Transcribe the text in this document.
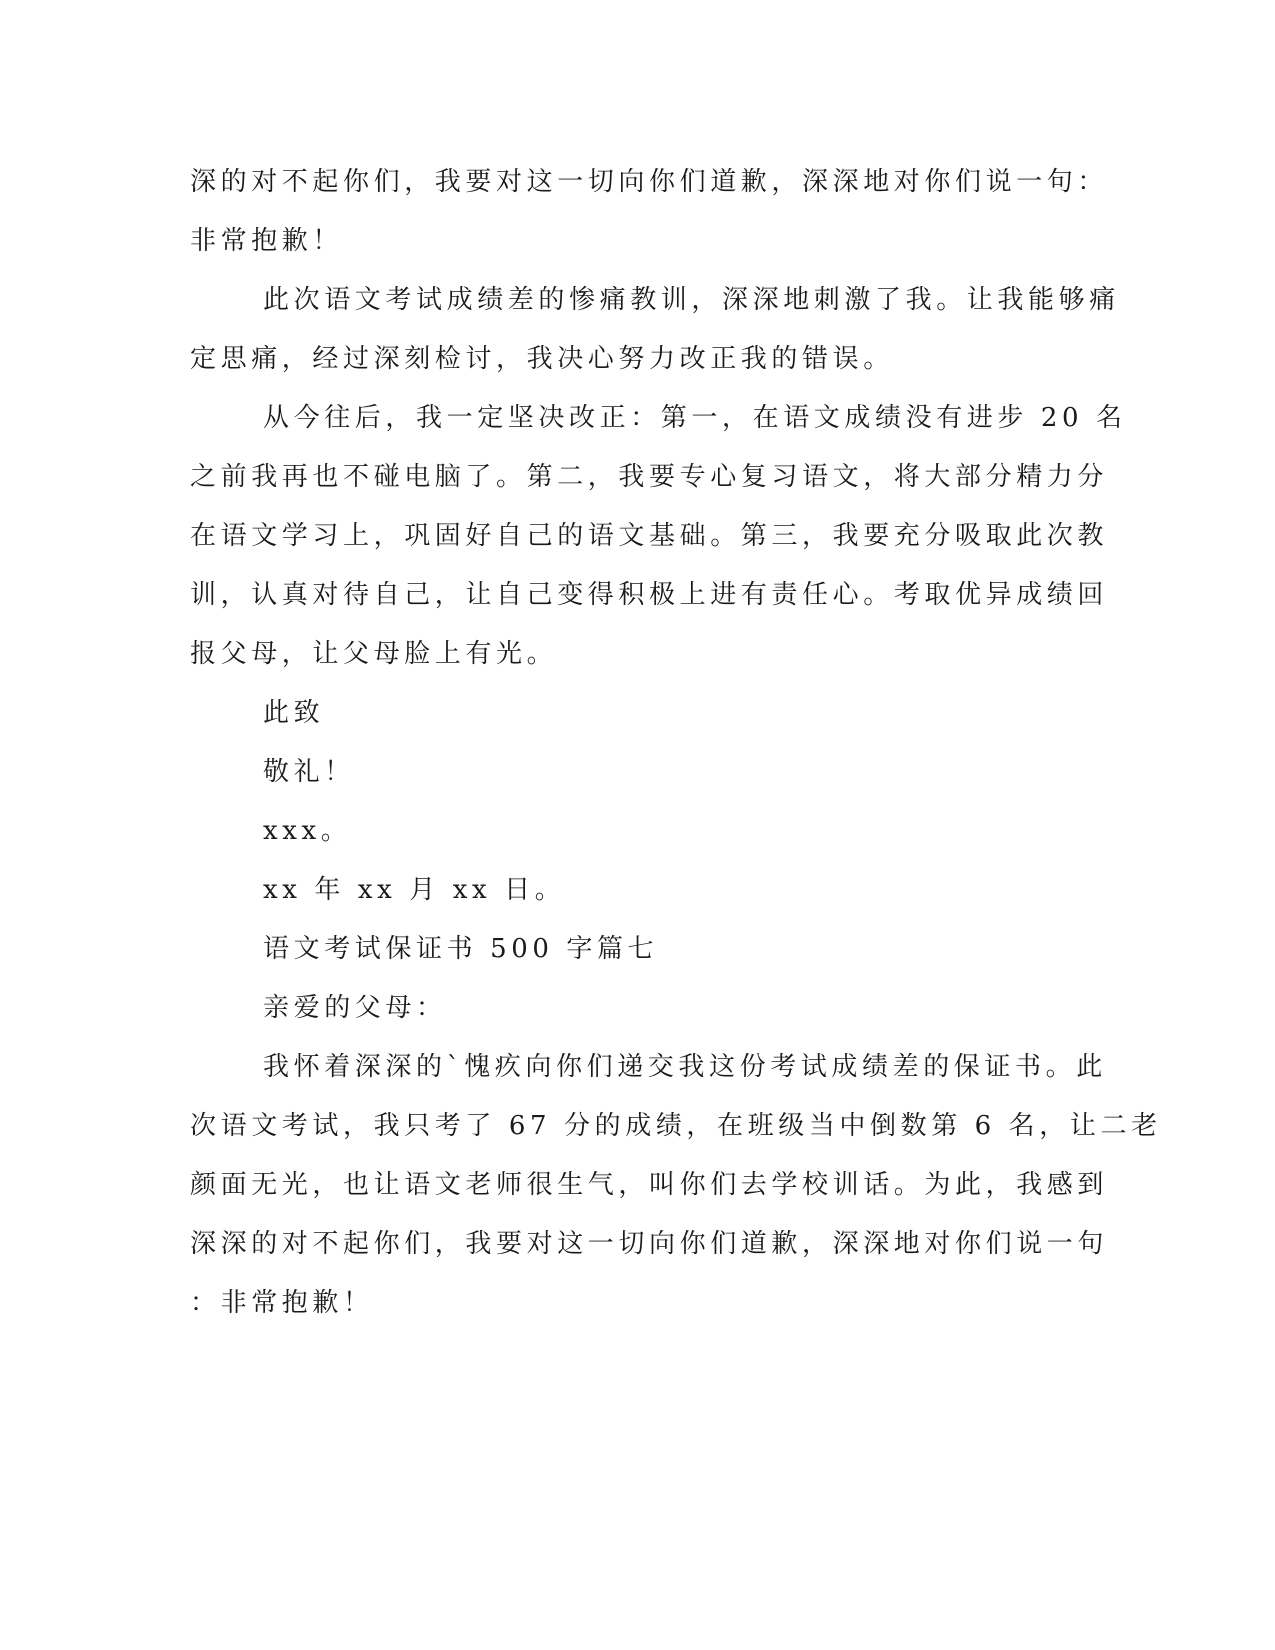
深的对不起你们，我要对这一切向你们道歉，深深地对你们说一句：
非常抱歉！
此次语文考试成绩差的惨痛教训，深深地刺激了我。让我能够痛
定思痛，经过深刻检讨，我决心努力改正我的错误。
从今往后，我一定坚决改正：第一，在语文成绩没有进步 20 名
之前我再也不碰电脑了。第二，我要专心复习语文，将大部分精力分
在语文学习上，巩固好自己的语文基础。第三，我要充分吸取此次教
训，认真对待自己，让自己变得积极上进有责任心。考取优异成绩回
报父母，让父母脸上有光。
此致
敬礼！
xxx。
xx 年 xx 月 xx 日。
语文考试保证书 500 字篇七
亲爱的父母：
我怀着深深的`愧疚向你们递交我这份考试成绩差的保证书。此
次语文考试，我只考了 67 分的成绩，在班级当中倒数第 6 名，让二老
颜面无光，也让语文老师很生气，叫你们去学校训话。为此，我感到
深深的对不起你们，我要对这一切向你们道歉，深深地对你们说一句
：非常抱歉！
